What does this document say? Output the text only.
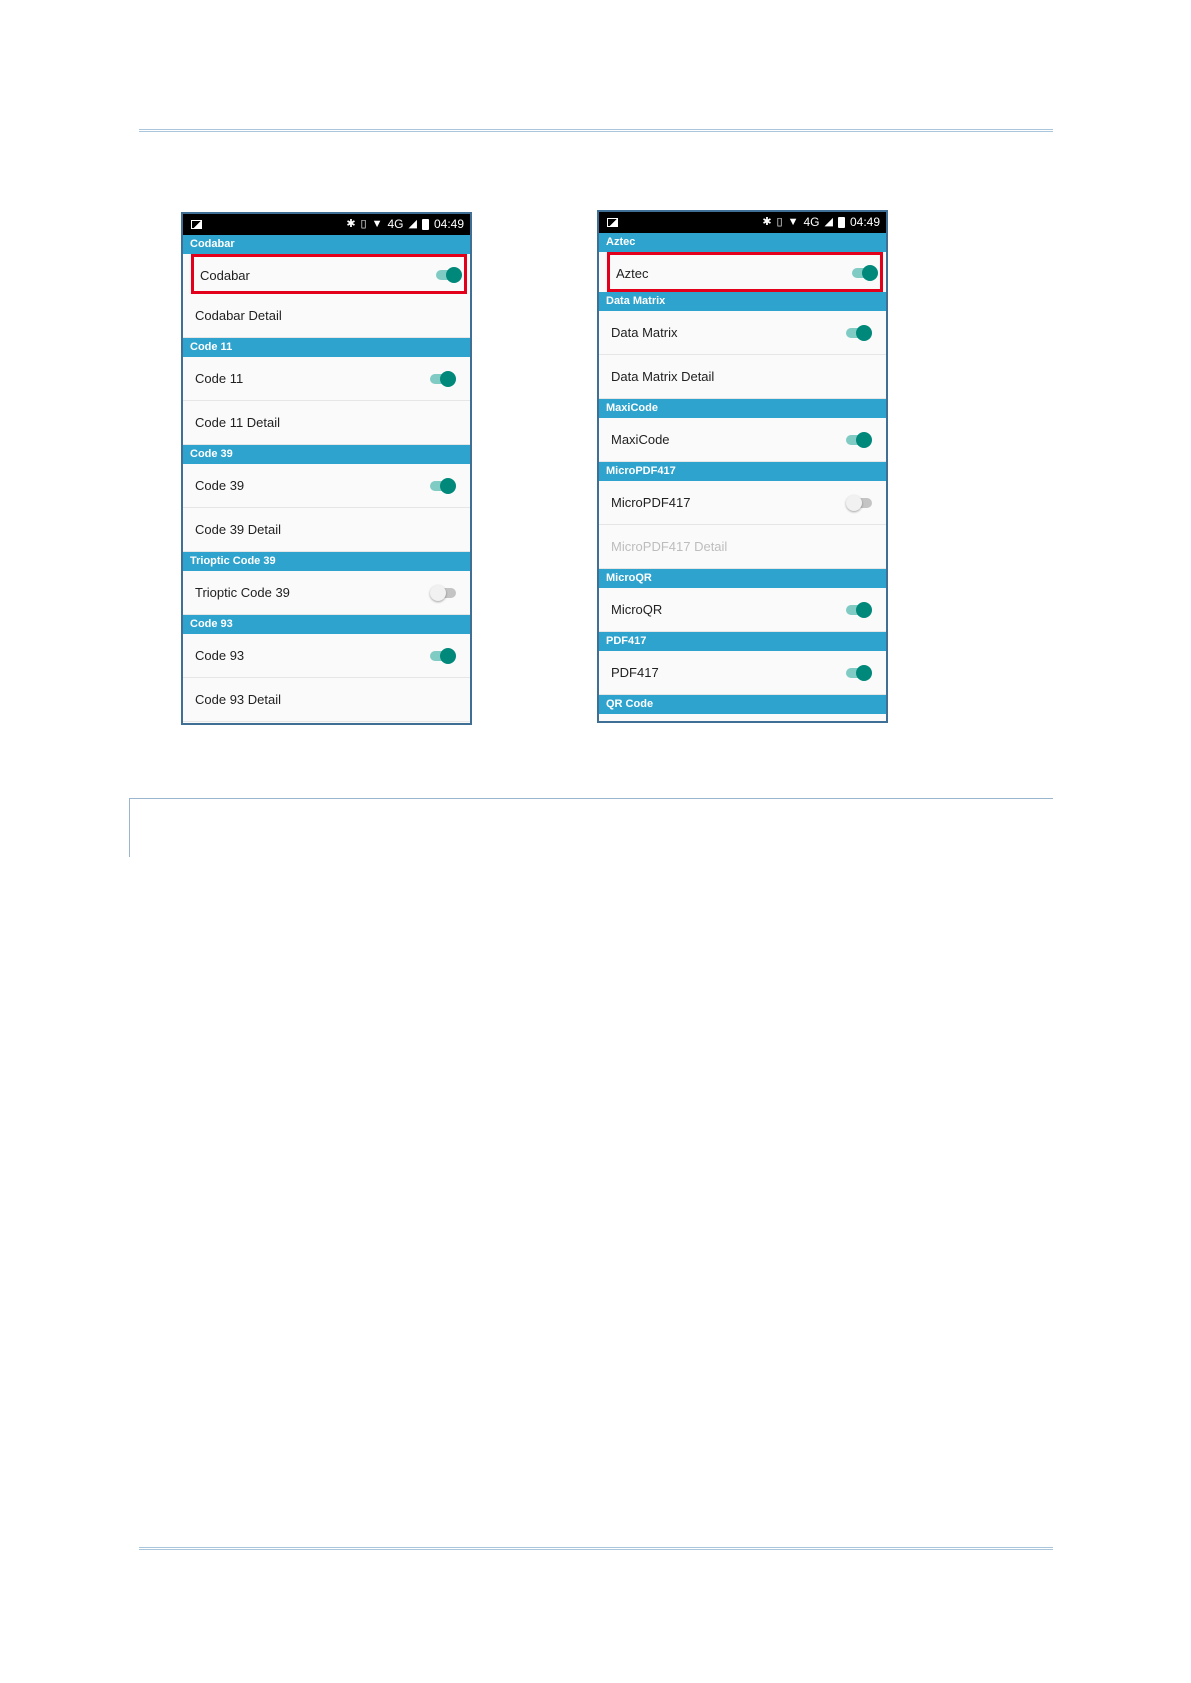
✱ ▯ ▼ 4G ◢ 04:49
Codabar
Codabar
Codabar Detail
Code 11
Code 11
Code 11 Detail
Code 39
Code 39
Code 39 Detail
Trioptic Code 39
Trioptic Code 39
Code 93
Code 93
Code 93 Detail
✱ ▯ ▼ 4G ◢ 04:49
Aztec
Aztec
Data Matrix
Data Matrix
Data Matrix Detail
MaxiCode
MaxiCode
MicroPDF417
MicroPDF417
MicroPDF417 Detail
MicroQR
MicroQR
PDF417
PDF417
QR Code
